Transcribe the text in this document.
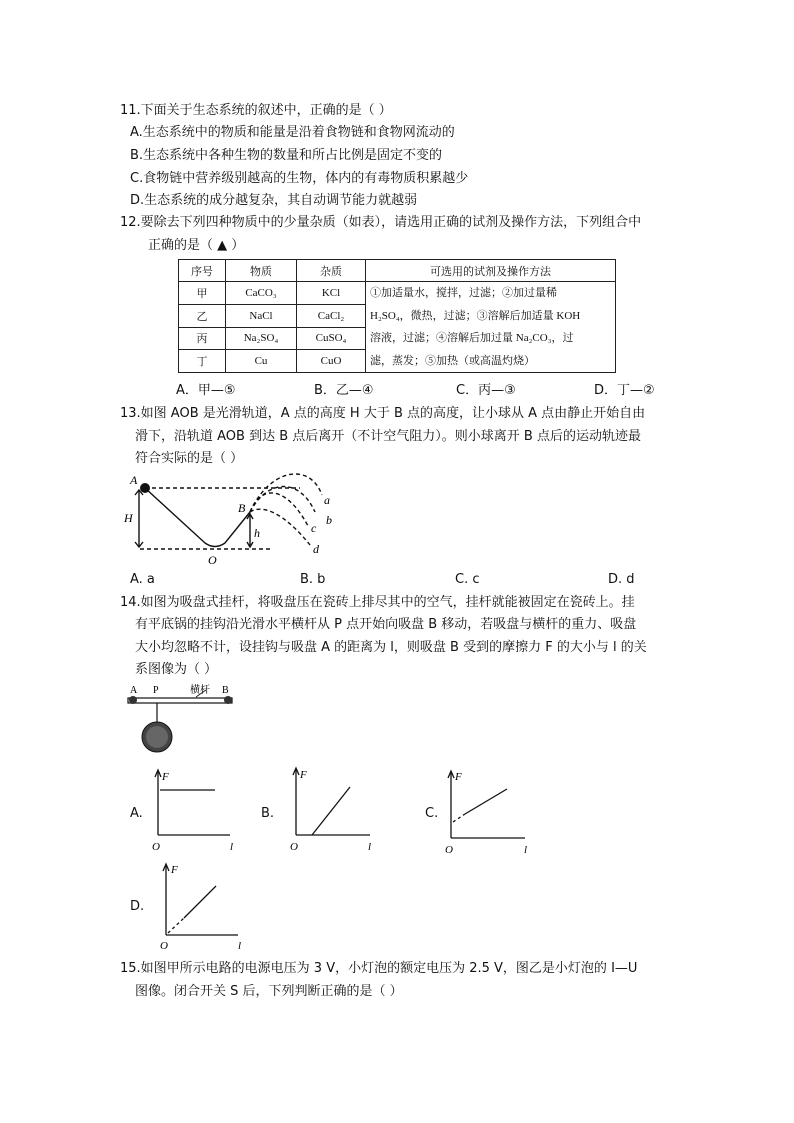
11.下面关于生态系统的叙述中，正确的是（ ）
A.生态系统中的物质和能量是沿着食物链和食物网流动的
B.生态系统中各种生物的数量和所占比例是固定不变的
C.食物链中营养级别越高的生物，体内的有毒物质积累越少
D.生态系统的成分越复杂，其自动调节能力就越弱
12.要除去下列四种物质中的少量杂质（如表），请选用正确的试剂及操作方法，下列组合中
正确的是（ ▲ ）
序号	物质	杂质	可选用的试剂及操作方法
甲	CaCO₃	KCl	①加适量水，搅拌，过滤；②加过量稀
H₂SO₄，微热，过滤；③溶解后加适量 KOH
溶液，过滤；④溶解后加过量 Na₂CO₃，过
滤，蒸发；⑤加热（或高温灼烧）

乙	NaCl	CaCl₂	
丙	Na₂SO₄	CuSO₄	
丁	Cu	CuO	
A．甲—⑤	B．乙—④	C．丙—③	D．丁—②
13.如图 AOB 是光滑轨道，A 点的高度 H 大于 B 点的高度，让小球从 A 点由静止开始自由
滑下，沿轨道 AOB 到达 B 点后离开（不计空气阻力）。则小球离开 B 点后的运动轨迹最
符合实际的是（ ）
A
H
B
h
O
a
b
c
d
A. a	B. b	C. c	D. d
14.如图为吸盘式挂杆，将吸盘压在瓷砖上排尽其中的空气，挂杆就能被固定在瓷砖上。挂
有平底锅的挂钩沿光滑水平横杆从 P 点开始向吸盘 B 移动，若吸盘与横杆的重力、吸盘
大小均忽略不计，设挂钩与吸盘 A 的距离为 l，则吸盘 B 受到的摩擦力 F 的大小与 l 的关
系图像为（ ）
A P	横杆 B
A.	B.	C.
D.
F
l
O
F
l
O
F
l
O
F
l
O
15.如图甲所示电路的电源电压为 3 V，小灯泡的额定电压为 2.5 V，图乙是小灯泡的 I—U
图像。闭合开关 S 后，下列判断正确的是（ ）
